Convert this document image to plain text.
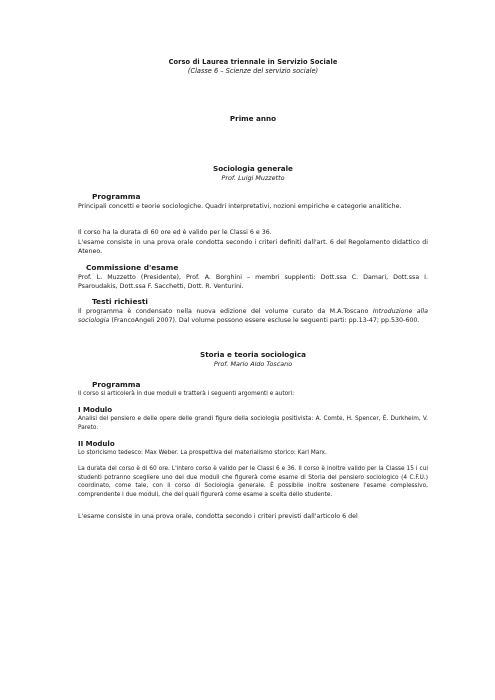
Corso di Laurea triennale in Servizio Sociale
(Classe 6 – Scienze del servizio sociale)
Prime anno
Sociologia generale
Prof. Luigi Muzzetto
Programma
Principali concetti e teorie sociologiche. Quadri interpretativi, nozioni empiriche e categorie analitiche.
Il corso ha la durata di 60 ore ed è valido per le Classi 6 e 36.
L'esame consiste in una prova orale condotta secondo i criteri definiti dall'art. 6 del Regolamento didattico di Ateneo.
Commissione d'esame
Prof. L. Muzzetto (Presidente), Prof. A. Borghini – membri supplenti: Dott.ssa C. Damari, Dott.ssa I. Psaroudakis, Dott.ssa F. Sacchetti, Dott. R. Venturini.
Testi richiesti
Il programma è condensato nella nuova edizione del volume curato da M.A.Toscano Introduzione alla sociologia (FrancoAngeli 2007). Dal volume possono essere escluse le seguenti parti: pp.13-47; pp.530-600.
Storia e teoria sociologica
Prof. Mario Aldo Toscano
Programma
Il corso si articolerà in due moduli e tratterà i seguenti argomenti e autori:
I Modulo
Analisi del pensiero e delle opere delle grandi figure della sociologia positivista: A. Comte, H. Spencer, É. Durkheim, V. Pareto.
II Modulo
Lo storicismo tedesco: Max Weber. La prospettiva del materialismo storico: Karl Marx.
La durata del corso è di 60 ore. L'intero corso è valido per le Classi 6 e 36. Il corso è inoltre valido per la Classe 15 i cui studenti potranno scegliere uno dei due moduli che figurerà come esame di Storia del pensiero sociologico (4 C.F.U.) coordinato, come tale, con il corso di Sociologia generale. È possibile inoltre sostenere l'esame complessivo, comprendente i due moduli, che del quali figurerà come esame a scelta dello studente.
L'esame consiste in una prova orale, condotta secondo i criteri previsti dall'articolo 6 del
